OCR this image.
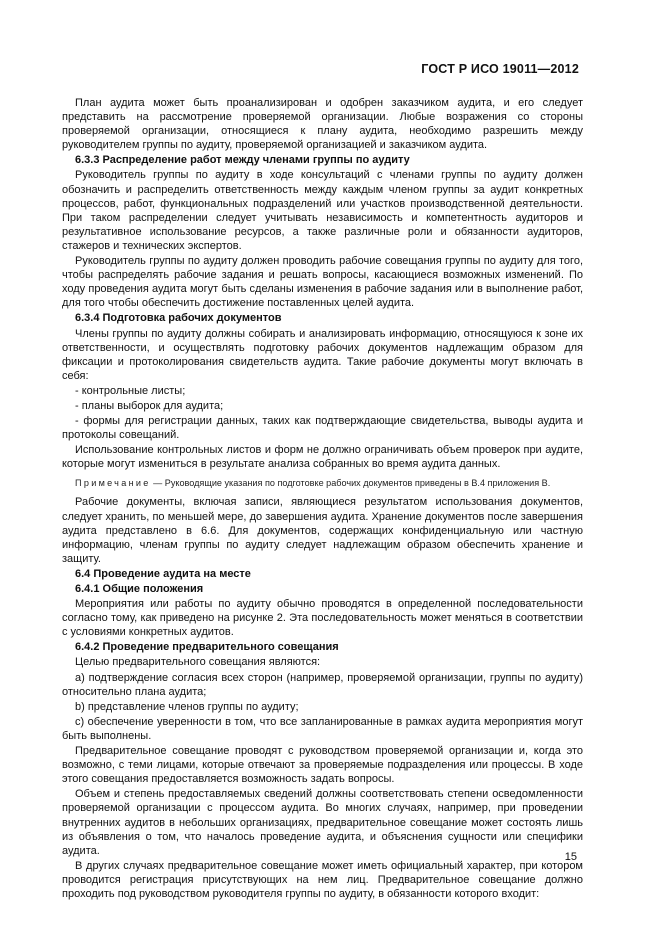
ГОСТ Р ИСО 19011—2012

План аудита может быть проанализирован и одобрен заказчиком аудита, и его следует представить на рассмотрение проверяемой организации. Любые возражения со стороны проверяемой организации, относящиеся к плану аудита, необходимо разрешить между руководителем группы по аудиту, проверяемой организацией и заказчиком аудита.

6.3.3 Распределение работ между членами группы по аудиту

Руководитель группы по аудиту в ходе консультаций с членами группы по аудиту должен обозначить и распределить ответственность между каждым членом группы за аудит конкретных процессов, работ, функциональных подразделений или участков производственной деятельности. При таком распределении следует учитывать независимость и компетентность аудиторов и результативное использование ресурсов, а также различные роли и обязанности аудиторов, стажеров и технических экспертов.

Руководитель группы по аудиту должен проводить рабочие совещания группы по аудиту для того, чтобы распределять рабочие задания и решать вопросы, касающиеся возможных изменений. По ходу проведения аудита могут быть сделаны изменения в рабочие задания или в выполнение работ, для того чтобы обеспечить достижение поставленных целей аудита.

6.3.4 Подготовка рабочих документов

Члены группы по аудиту должны собирать и анализировать информацию, относящуюся к зоне их ответственности, и осуществлять подготовку рабочих документов надлежащим образом для фиксации и протоколирования свидетельств аудита. Такие рабочие документы могут включать в себя:

- контрольные листы;

- планы выборок для аудита;

- формы для регистрации данных, таких как подтверждающие свидетельства, выводы аудита и протоколы совещаний.

Использование контрольных листов и форм не должно ограничивать объем проверок при аудите, которые могут измениться в результате анализа собранных во время аудита данных.

Примечание — Руководящие указания по подготовке рабочих документов приведены в В.4 приложения В.

Рабочие документы, включая записи, являющиеся результатом использования документов, следует хранить, по меньшей мере, до завершения аудита. Хранение документов после завершения аудита представлено в 6.6. Для документов, содержащих конфиденциальную или частную информацию, членам группы по аудиту следует надлежащим образом обеспечить хранение и защиту.

6.4 Проведение аудита на месте

6.4.1 Общие положения

Мероприятия или работы по аудиту обычно проводятся в определенной последовательности согласно тому, как приведено на рисунке 2. Эта последовательность может меняться в соответствии с условиями конкретных аудитов.

6.4.2 Проведение предварительного совещания

Целью предварительного совещания являются:

а) подтверждение согласия всех сторон (например, проверяемой организации, группы по аудиту) относительно плана аудита;

b) представление членов группы по аудиту;

c) обеспечение уверенности в том, что все запланированные в рамках аудита мероприятия могут быть выполнены.

Предварительное совещание проводят с руководством проверяемой организации и, когда это возможно, с теми лицами, которые отвечают за проверяемые подразделения или процессы. В ходе этого совещания предоставляется возможность задать вопросы.

Объем и степень предоставляемых сведений должны соответствовать степени осведомленности проверяемой организации с процессом аудита. Во многих случаях, например, при проведении внутренних аудитов в небольших организациях, предварительное совещание может состоять лишь из объявления о том, что началось проведение аудита, и объяснения сущности или специфики аудита.

В других случаях предварительное совещание может иметь официальный характер, при котором проводится регистрация присутствующих на нем лиц. Предварительное совещание должно проходить под руководством руководителя группы по аудиту, в обязанности которого входит:

15
